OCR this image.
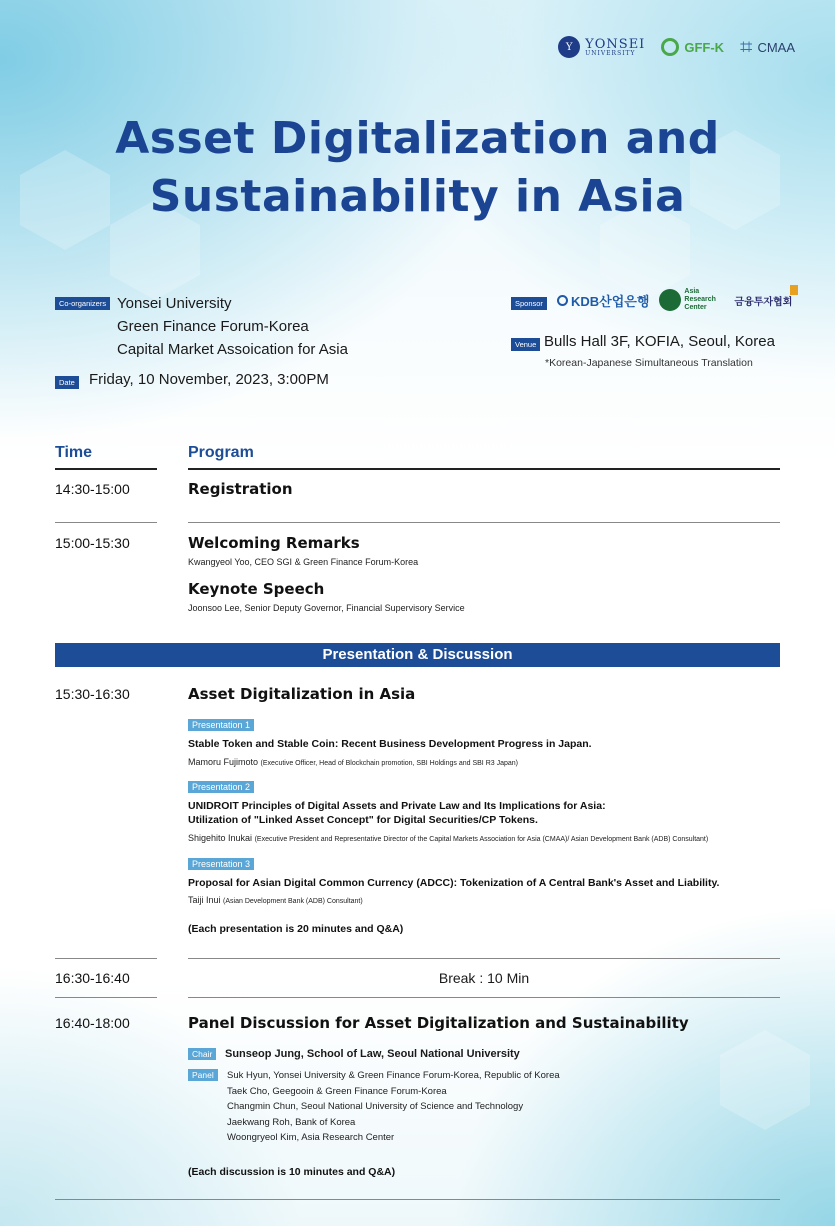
Y YONSEI
UNIVERSITY	GFF-K ⌗ CMAA
Asset Digitalization and
Sustainability in Asia
Co-organizers Yonsei University
Green Finance Forum-Korea
Capital Market Assoication for Asia
Date Friday, 10 November, 2023, 3:00PM
Sponsor	KDB산업은행
Asia Research Center	금융투자협회
Venue Bulls Hall 3F, KOFIA, Seoul, Korea
*Korean-Japanese Simultaneous Translation
Time	Program
14:30-15:00	Registration
15:00-15:30	Welcoming Remarks
Kwangyeol Yoo, CEO SGI & Green Finance Forum-Korea
Keynote Speech
Joonsoo Lee, Senior Deputy Governor, Financial Supervisory Service
Presentation & Discussion
15:30-16:30	Asset Digitalization in Asia
Presentation 1
Stable Token and Stable Coin: Recent Business Development Progress in Japan.
Mamoru Fujimoto (Executive Officer, Head of Blockchain promotion, SBI Holdings and SBI R3 Japan)
Presentation 2
UNIDROIT Principles of Digital Assets and Private Law and Its Implications for Asia:
Utilization of "Linked Asset Concept" for Digital Securities/CP Tokens.
Shigehito Inukai (Executive President and Representative Director of the Capital Markets Association for Asia (CMAA)/ Asian Development Bank (ADB) Consultant)
Presentation 3
Proposal for Asian Digital Common Currency (ADCC): Tokenization of A Central Bank's Asset and Liability.
Taiji Inui (Asian Development Bank (ADB) Consultant)
(Each presentation is 20 minutes and Q&A)
16:30-16:40	Break : 10 Min
16:40-18:00	Panel Discussion for Asset Digitalization and Sustainability
Chair	Sunseop Jung, School of Law, Seoul National University
Panel	Suk Hyun, Yonsei University & Green Finance Forum-Korea, Republic of Korea
Taek Cho, Geegooin & Green Finance Forum-Korea
Changmin Chun, Seoul National University of Science and Technology
Jaekwang Roh, Bank of Korea
Woongryeol Kim, Asia Research Center
(Each discussion is 10 minutes and Q&A)
